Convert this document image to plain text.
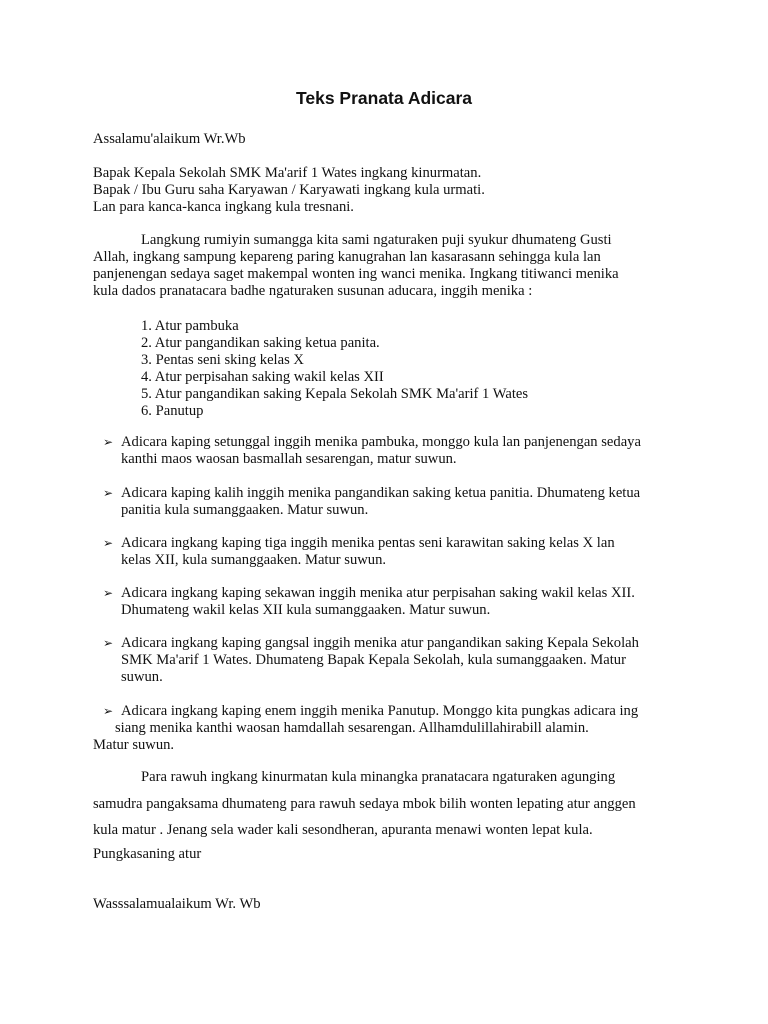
Teks Pranata Adicara
Assalamu'alaikum Wr.Wb
Bapak Kepala Sekolah SMK Ma'arif 1 Wates ingkang kinurmatan.
Bapak / Ibu Guru saha Karyawan / Karyawati ingkang kula urmati.
Lan para kanca-kanca ingkang kula tresnani.
Langkung rumiyin sumangga kita sami ngaturaken puji syukur dhumateng Gusti
Allah, ingkang sampung kepareng paring kanugrahan lan kasarasann sehingga kula lan
panjenengan sedaya saget makempal wonten ing wanci menika. Ingkang titiwanci menika
kula dados pranatacara badhe ngaturaken susunan aducara, inggih menika :
1. Atur pambuka
2. Atur pangandikan saking ketua panita.
3. Pentas seni sking kelas X
4. Atur perpisahan saking wakil kelas XII
5. Atur pangandikan saking Kepala Sekolah SMK Ma'arif 1 Wates
6. Panutup
➢ Adicara kaping setunggal inggih menika pambuka, monggo kula lan panjenengan sedaya
kanthi maos waosan basmallah sesarengan, matur suwun.
➢ Adicara kaping kalih inggih menika pangandikan saking ketua panitia. Dhumateng ketua
panitia kula sumanggaaken. Matur suwun.
➢ Adicara ingkang kaping tiga inggih menika pentas seni karawitan saking kelas X lan
kelas XII, kula sumanggaaken. Matur suwun.
➢ Adicara ingkang kaping sekawan inggih menika atur perpisahan saking wakil kelas XII.
Dhumateng wakil kelas XII kula sumanggaaken. Matur suwun.
➢ Adicara ingkang kaping gangsal inggih menika atur pangandikan saking Kepala Sekolah
SMK Ma'arif 1 Wates. Dhumateng Bapak Kepala Sekolah, kula sumanggaaken. Matur
suwun.
➢ Adicara ingkang kaping enem inggih menika Panutup. Monggo kita pungkas adicara ing
siang menika kanthi waosan hamdallah sesarengan. Allhamdulillahirabill alamin.
Matur suwun.
Para rawuh ingkang kinurmatan kula minangka pranatacara ngaturaken agunging
samudra pangaksama dhumateng para rawuh sedaya mbok bilih wonten lepating atur anggen
kula matur . Jenang sela wader kali sesondheran, apuranta menawi wonten lepat kula.
Pungkasaning atur
Wasssalamualaikum Wr. Wb
